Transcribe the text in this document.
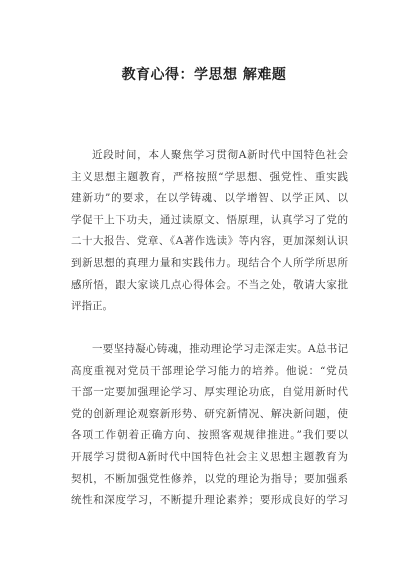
教育心得：学思想 解难题
近段时间，本人聚焦学习贯彻A新时代中国特色社会
主义思想主题教育，严格按照“学思想、强党性、重实践
建新功”的要求，在以学铸魂、以学增智、以学正风、以
学促干上下功夫，通过读原文、悟原理，认真学习了党的
二十大报告、党章、《A著作选读》等内容，更加深刻认识
到新思想的真理力量和实践伟力。现结合个人所学所思所
感所悟，跟大家谈几点心得体会。不当之处，敬请大家批
评指正。
一要坚持凝心铸魂，推动理论学习走深走实。A总书记
高度重视对党员干部理论学习能力的培养。他说：“党员
干部一定要加强理论学习、厚实理论功底，自觉用新时代
党的创新理论观察新形势、研究新情况、解决新问题，使
各项工作朝着正确方向、按照客观规律推进。”我们要以
开展学习贯彻A新时代中国特色社会主义思想主题教育为
契机，不断加强党性修养，以党的理论为指导；要加强系
统性和深度学习，不断提升理论素养；要形成良好的学习
